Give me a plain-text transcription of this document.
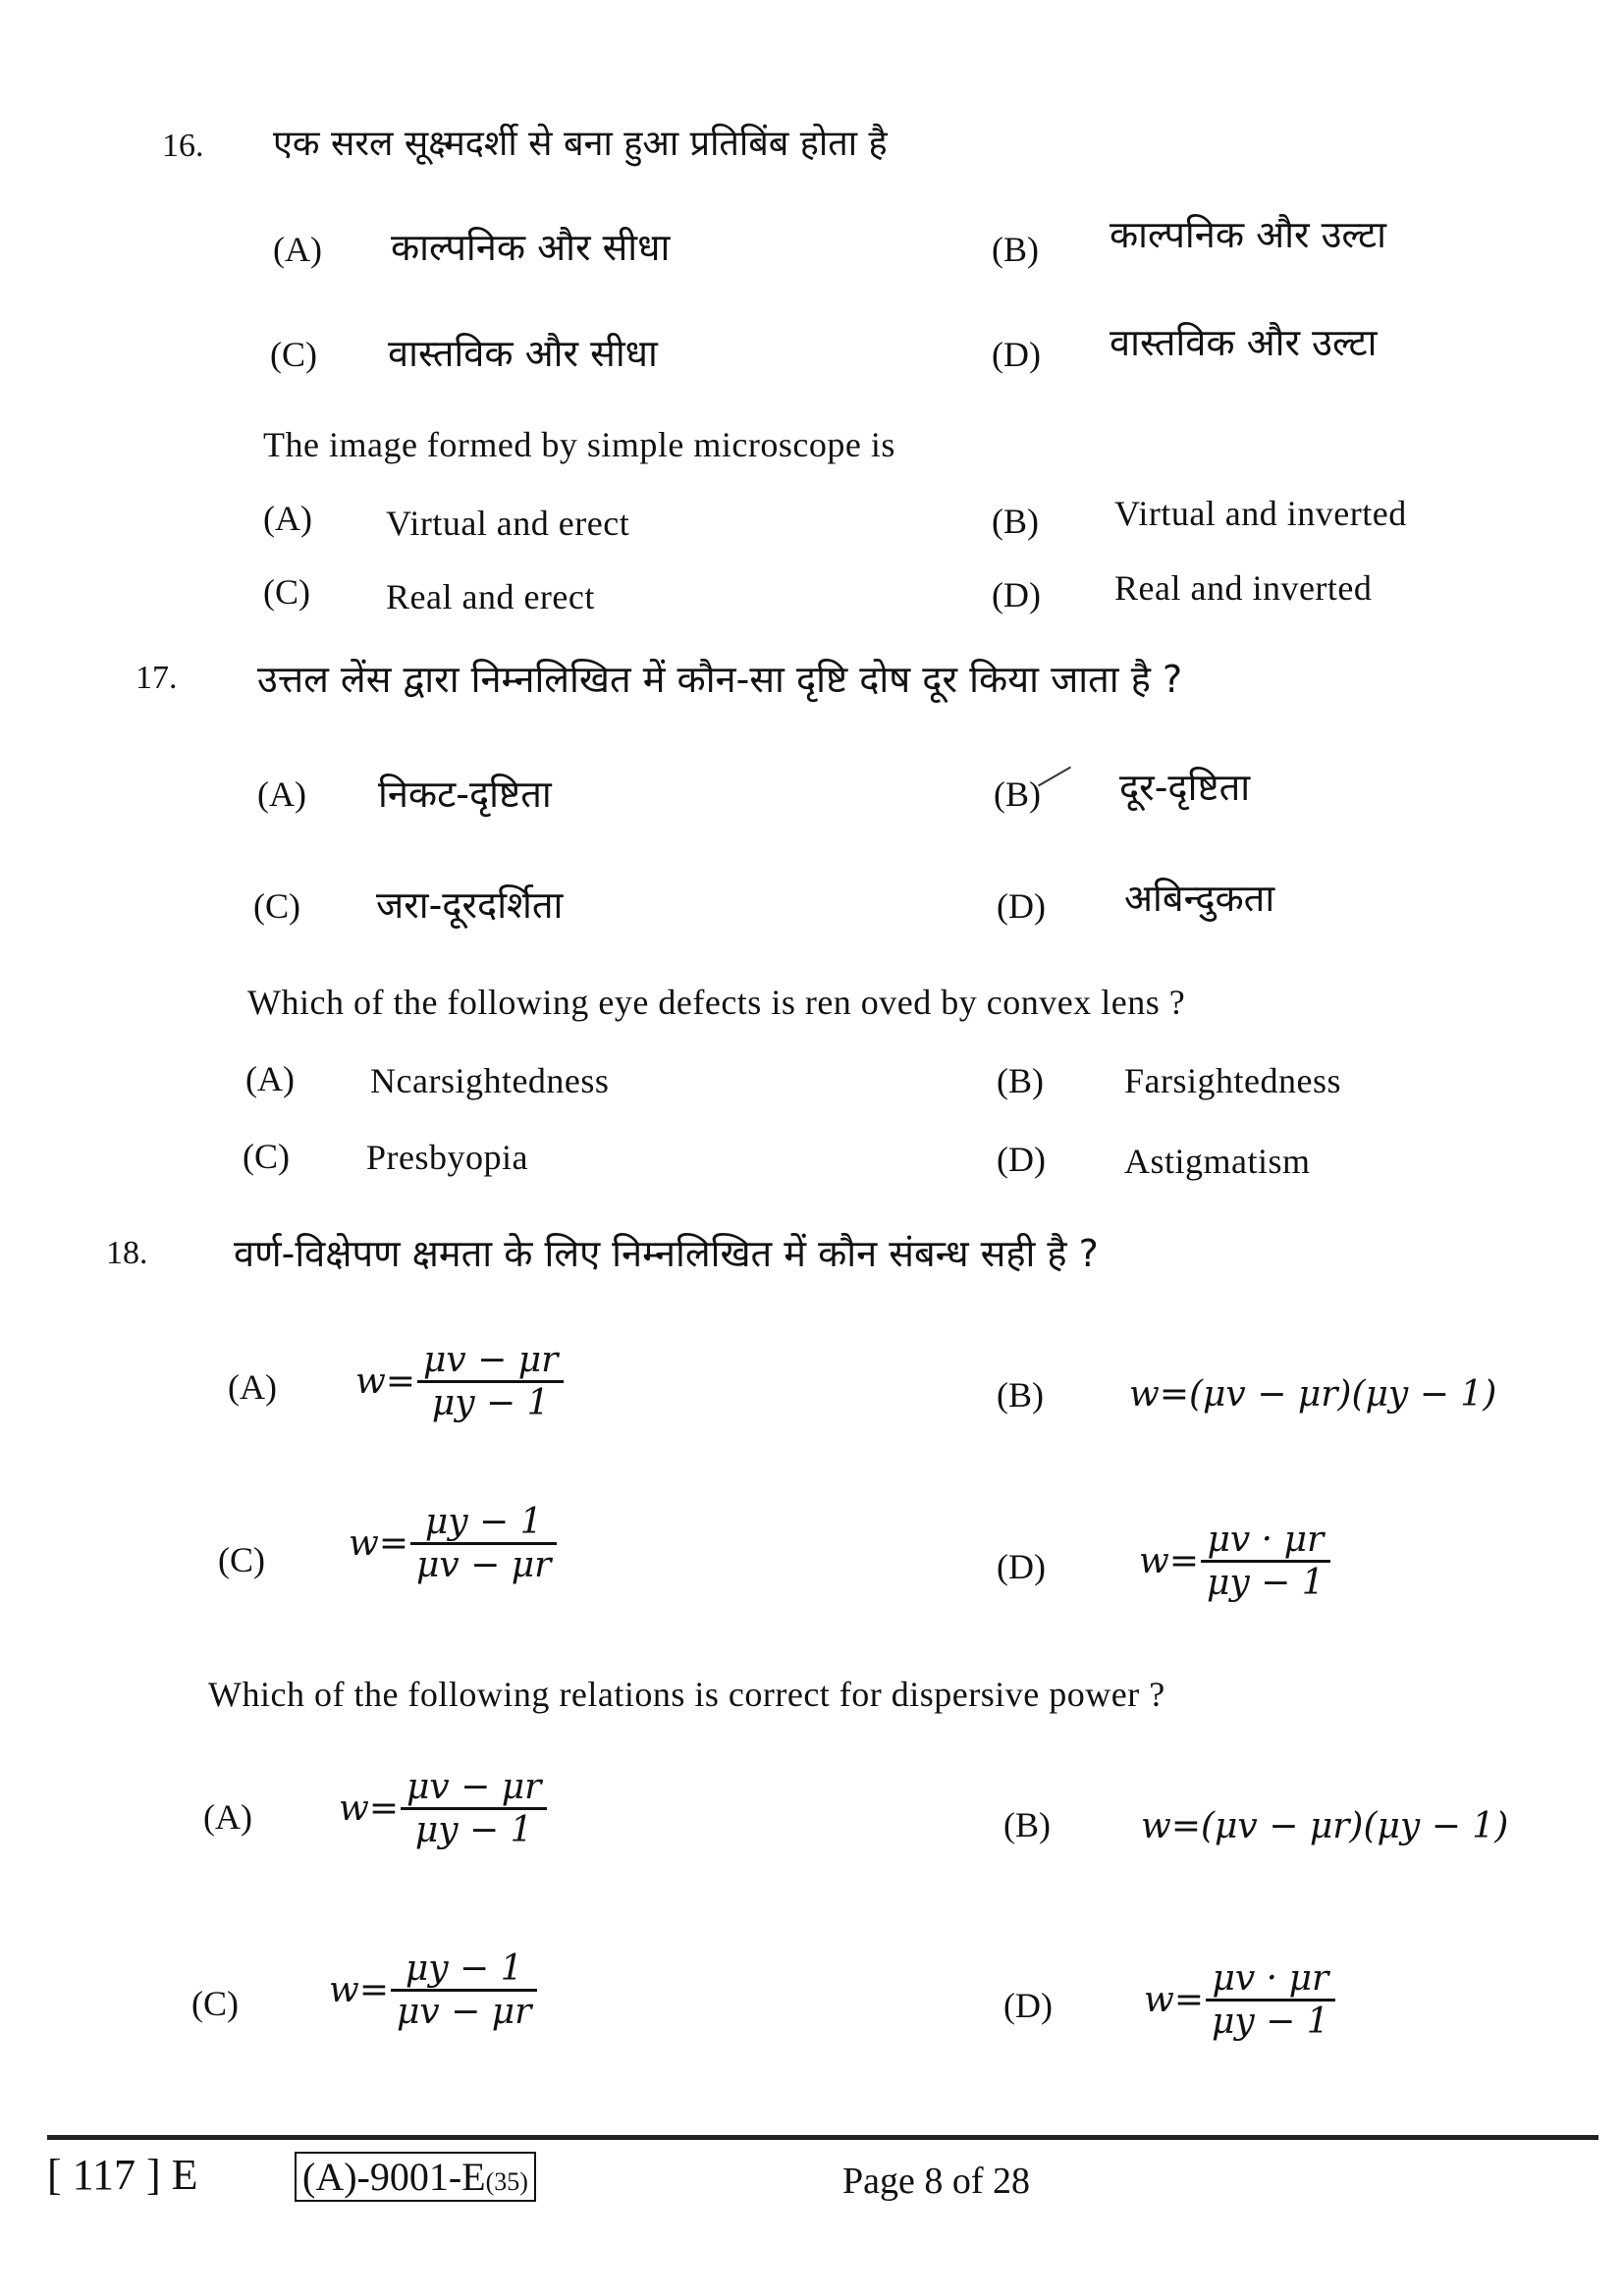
16. एक सरल सूक्ष्मदर्शी से बना हुआ प्रतिबिंब होता है
(A) काल्पनिक और सीधा	(B) काल्पनिक और उल्टा
(C) वास्तविक और सीधा	(D) वास्तविक और उल्टा
The image formed by simple microscope is
(A) Virtual and erect	(B) Virtual and inverted
(C) Real and erect	(D) Real and inverted
17. उत्तल लेंस द्वारा निम्नलिखित में कौन-सा दृष्टि दोष दूर किया जाता है ?
(A) निकट-दृष्टिता	(B) दूर-दृष्टिता
(C) जरा-दूरदर्शिता	(D) अबिन्दुकता
Which of the following eye defects is ren oved by convex lens ?
(A) Ncarsightedness	(B) Farsightedness
(C) Presbyopia	(D) Astigmatism
18. वर्ण-विक्षेपण क्षमता के लिए निम्नलिखित में कौन संबन्ध सही है ?
(A) $w= \frac{\mu v - \mu r}{\mu y - 1}$	(B) w=(μv − μr)(μy − 1)
(C) $w= \frac{\mu y - 1}{\mu v - \mu r}$	(D)	$w= \frac{\mu v \cdot \mu r}{\mu y - 1}$
Which of the following relations is correct for dispersive power ?
(A) $w= \frac{\mu v - \mu r}{\mu y - 1}$	(B)	w=(μv − μr)(μy − 1)
(C)	$w= \frac{\mu y - 1}{\mu v - \mu r}$	(D)	$w= \frac{\mu v \cdot \mu r}{\mu y - 1}$
[ 117 ] E	(A)-9001-E(35)	Page 8 of 28
